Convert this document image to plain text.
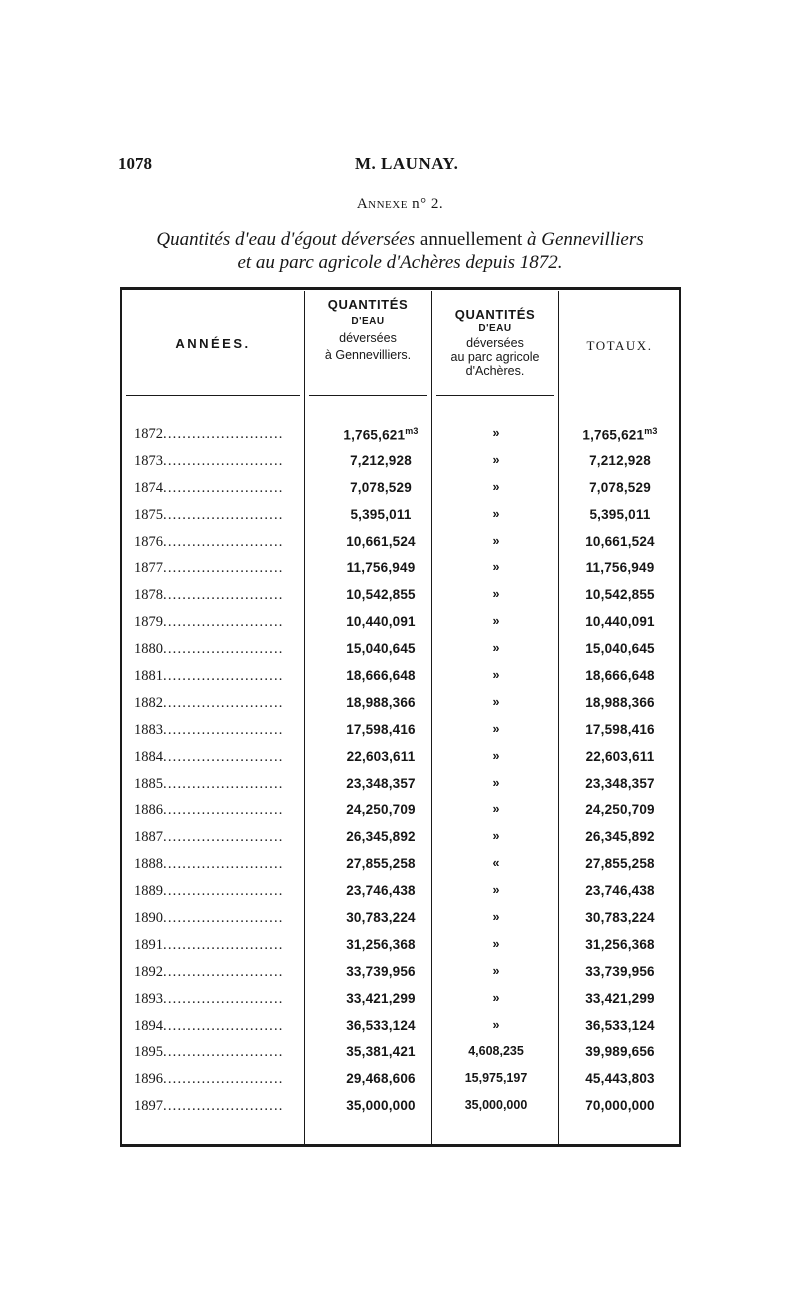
1078	M. LAUNAY.
Annexe n° 2.
Quantités d'eau d'égout déversées annuellement à Gennevilliers
et au parc agricole d'Achères depuis 1872.
ANNÉES.
QUANTITÉS
D'EAU
déversées
à Gennevilliers.
QUANTITÉS
D'EAU
déversées
au parc agricole
d'Achères.
TOTAUX.
1872.........................	$1,765,621^{m3}$	»	$1,765,621^{m3}$
1873.........................	7,212,928	»	7,212,928
1874.........................	7,078,529	»	7,078,529
1875.........................	5,395,011	»	5,395,011
1876.........................	10,661,524	»	10,661,524
1877.........................	11,756,949	»	11,756,949
1878.........................	10,542,855	»	10,542,855
1879.........................	10,440,091	»	10,440,091
1880.........................	15,040,645	»	15,040,645
1881.........................	18,666,648	»	18,666,648
1882.........................	18,988,366	»	18,988,366
1883.........................	17,598,416	»	17,598,416
1884.........................	22,603,611	»	22,603,611
1885.........................	23,348,357	»	23,348,357
1886.........................	24,250,709	»	24,250,709
1887.........................	26,345,892	»	26,345,892
1888.........................	27,855,258	«	27,855,258
1889.........................	23,746,438	»	23,746,438
1890.........................	30,783,224	»	30,783,224
1891.........................	31,256,368	»	31,256,368
1892.........................	33,739,956	»	33,739,956
1893.........................	33,421,299	»	33,421,299
1894.........................	36,533,124	»	36,533,124
1895.........................	35,381,421	4,608,235	39,989,656
1896.........................	29,468,606	15,975,197	45,443,803
1897.........................	35,000,000	35,000,000	70,000,000
